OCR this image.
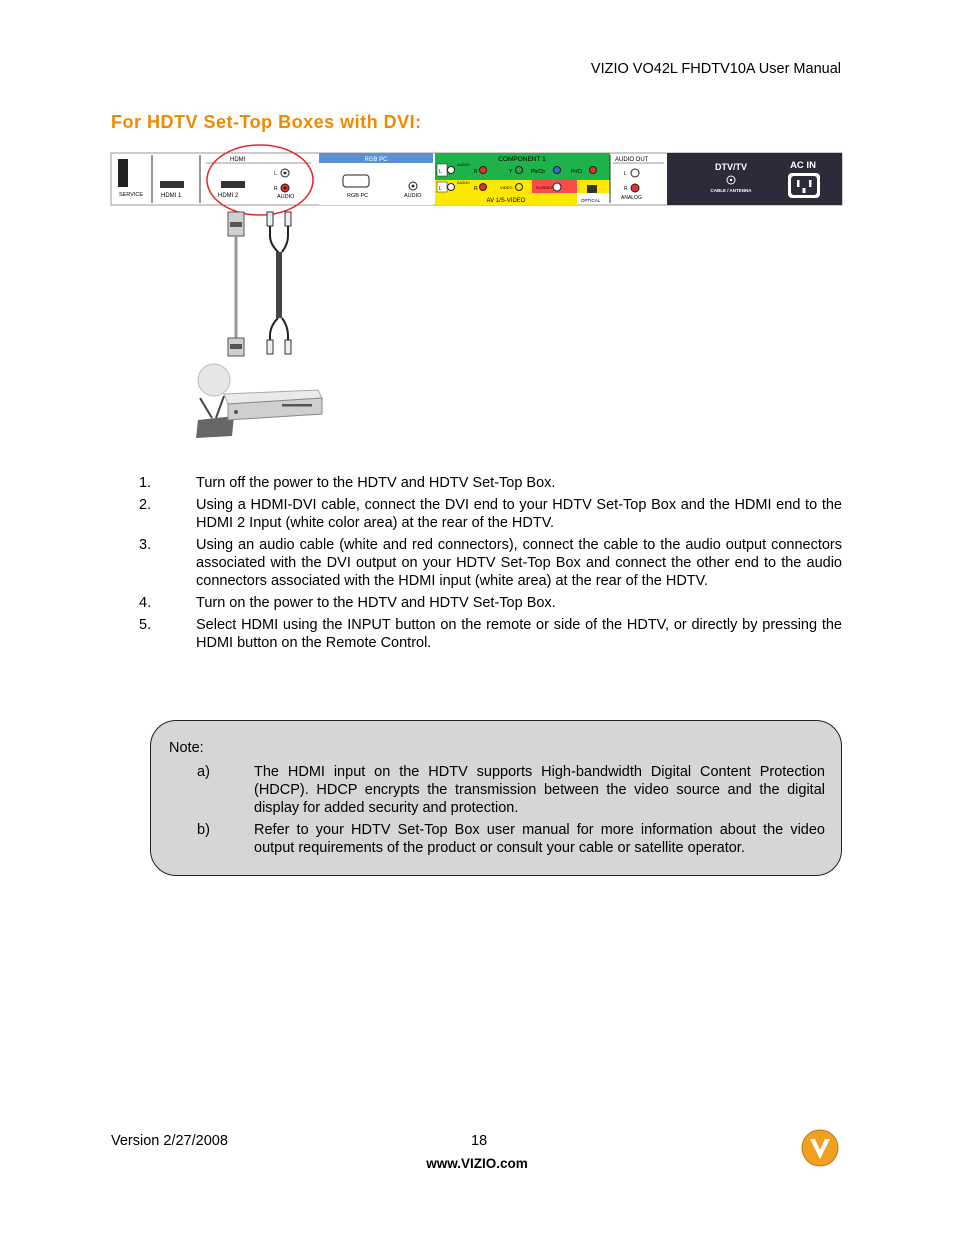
VIZIO VO42L FHDTV10A User Manual
For HDTV Set-Top Boxes with DVI:
SERVICE	HDMI 1
HDMI
HDMI 2
L
R
AUDIO
RGB PC
RGB PC	AUDIO
COMPONENT 1
L
AUDIO
R	Y	Pb/Cb	Pr/Cr
L
AUDIO
R	VIDEO	S-VIDEO
AV 1/S-VIDEO	OPTICAL
AUDIO OUT
L
R
ANALOG
DTV/TV
CABLE / ANTENNA
AC IN
1.	Turn off the power to the HDTV and HDTV Set-Top Box.
2.	Using a HDMI-DVI cable, connect the DVI end to your HDTV Set-Top Box and the HDMI end to the HDMI 2 Input (white color area) at the rear of the HDTV.
3.	Using an audio cable (white and red connectors), connect the cable to the audio output connectors associated with the DVI output on your HDTV Set-Top Box and connect the other end to the audio connectors associated with the HDMI input (white area) at the rear of the HDTV.
4.	Turn on the power to the HDTV and HDTV Set-Top Box.
5.	Select HDMI using the INPUT button on the remote or side of the HDTV, or directly by pressing the HDMI button on the Remote Control.
Note:
a)	The HDMI input on the HDTV supports High-bandwidth Digital Content Protection (HDCP). HDCP encrypts the transmission between the video source and the digital display for added security and protection.
b)	Refer to your HDTV Set-Top Box user manual for more information about the video output requirements of the product or consult your cable or satellite operator.
Version 2/27/2008	18
www.VIZIO.com
